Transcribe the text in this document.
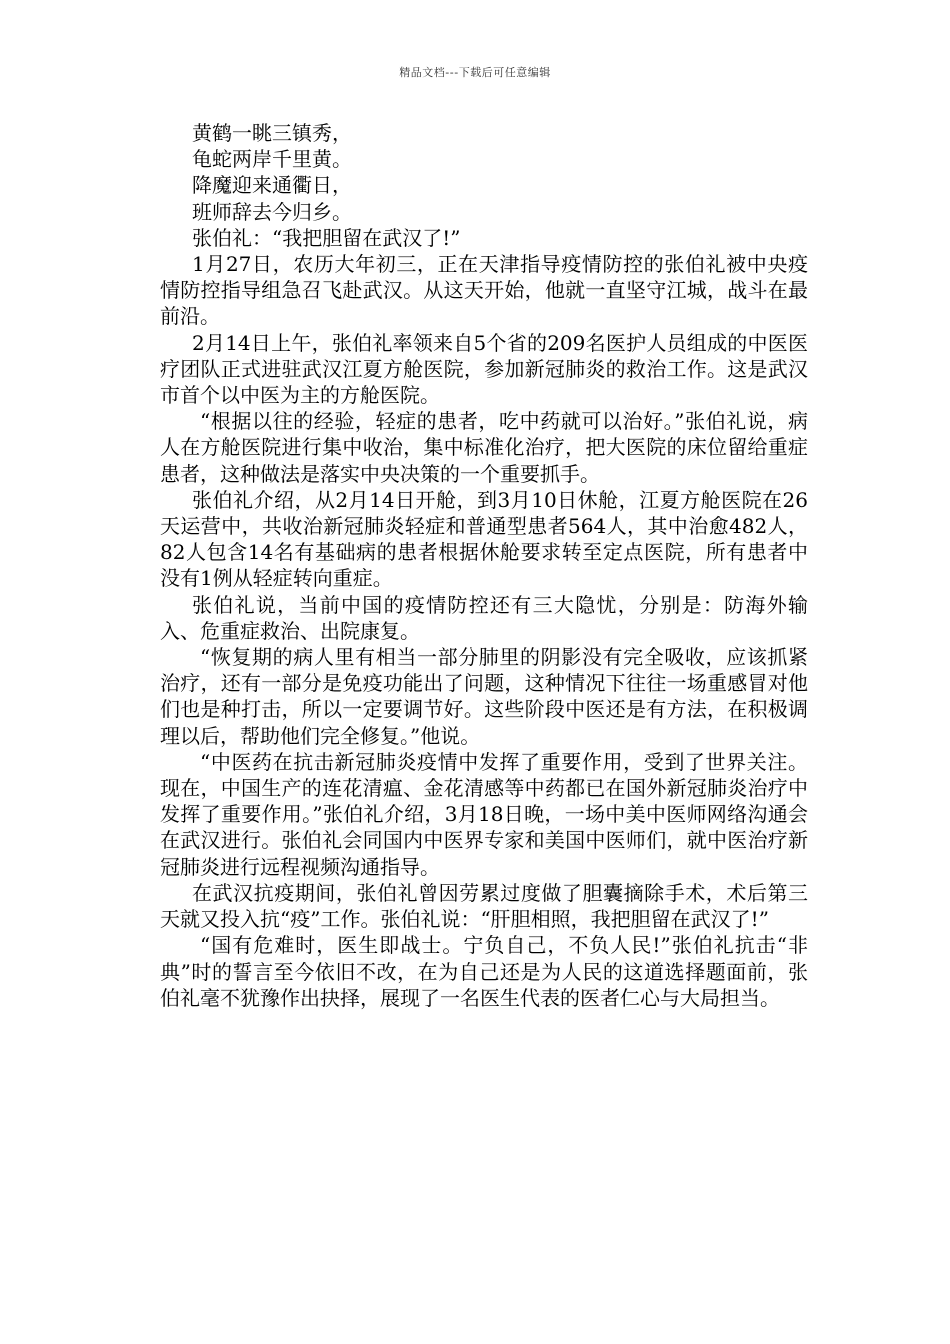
精品文档---下载后可任意编辑

黄鹤一眺三镇秀，

龟蛇两岸千里黄。

降魔迎来通衢日，

班师辞去今归乡。

张伯礼：“我把胆留在武汉了!”

1月27日，农历大年初三，正在天津指导疫情防控的张伯礼被中央疫情防控指导组急召飞赴武汉。从这天开始，他就一直坚守江城，战斗在最前沿。

2月14日上午，张伯礼率领来自5个省的209名医护人员组成的中医医疗团队正式进驻武汉江夏方舱医院，参加新冠肺炎的救治工作。这是武汉市首个以中医为主的方舱医院。

“根据以往的经验，轻症的患者，吃中药就可以治好。”张伯礼说，病人在方舱医院进行集中收治，集中标准化治疗，把大医院的床位留给重症患者，这种做法是落实中央决策的一个重要抓手。

张伯礼介绍，从2月14日开舱，到3月10日休舱，江夏方舱医院在26天运营中，共收治新冠肺炎轻症和普通型患者564人，其中治愈482人，82人包含14名有基础病的患者根据休舱要求转至定点医院，所有患者中没有1例从轻症转向重症。

张伯礼说，当前中国的疫情防控还有三大隐忧，分别是：防海外输入、危重症救治、出院康复。

“恢复期的病人里有相当一部分肺里的阴影没有完全吸收，应该抓紧治疗，还有一部分是免疫功能出了问题，这种情况下往往一场重感冒对他们也是种打击，所以一定要调节好。这些阶段中医还是有方法，在积极调理以后，帮助他们完全修复。”他说。

“中医药在抗击新冠肺炎疫情中发挥了重要作用，受到了世界关注。现在，中国生产的连花清瘟、金花清感等中药都已在国外新冠肺炎治疗中发挥了重要作用。”张伯礼介绍，3月18日晚，一场中美中医师网络沟通会在武汉进行。张伯礼会同国内中医界专家和美国中医师们，就中医治疗新冠肺炎进行远程视频沟通指导。

在武汉抗疫期间，张伯礼曾因劳累过度做了胆囊摘除手术，术后第三天就又投入抗“疫”工作。张伯礼说：“肝胆相照，我把胆留在武汉了!”

“国有危难时，医生即战士。宁负自己，不负人民!”张伯礼抗击“非典”时的誓言至今依旧不改，在为自己还是为人民的这道选择题面前，张伯礼毫不犹豫作出抉择，展现了一名医生代表的医者仁心与大局担当。
